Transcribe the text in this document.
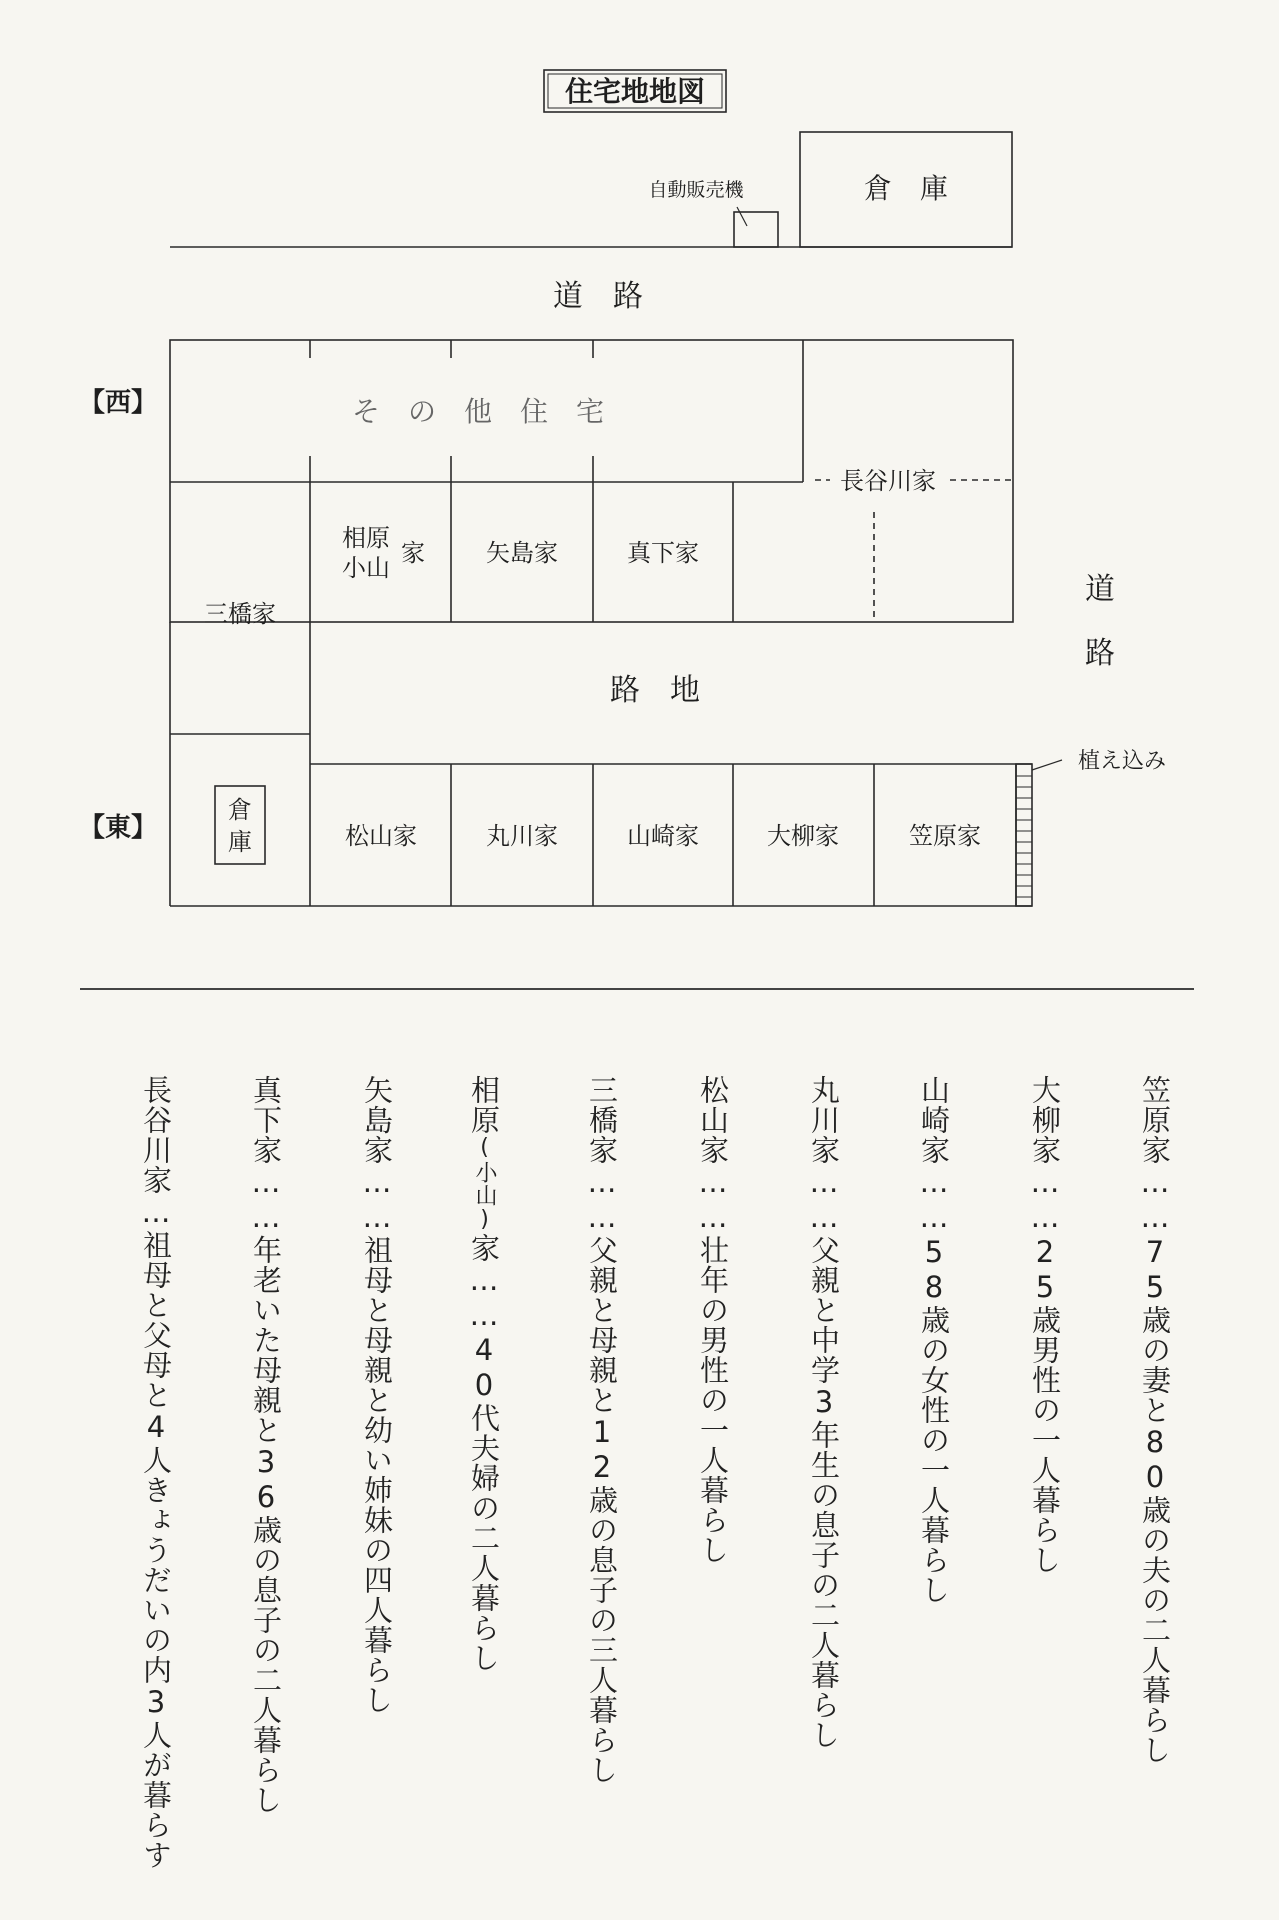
住宅地地図
自動販売機	倉　庫
道　路
そ　の　他　住　宅
【西】
【東】
長谷川家
相原
小山
家	矢島家	真下家
三橋家
路　地
植え込み
松山家	丸川家	山崎家	大柳家	笠原家
道路
倉庫
笠原家……75歳の妻と80歳の夫の二人暮らし
大柳家……25歳男性の一人暮らし
山崎家……58歳の女性の一人暮らし
丸川家……父親と中学3年生の息子の二人暮らし
松山家……壮年の男性の一人暮らし
三橋家……父親と母親と12歳の息子の三人暮らし
相原(小山)家……40代夫婦の二人暮らし
矢島家……祖母と母親と幼い姉妹の四人暮らし
真下家……年老いた母親と36歳の息子の二人暮らし
長谷川家…祖母と父母と4人きょうだいの内3人が暮らす
